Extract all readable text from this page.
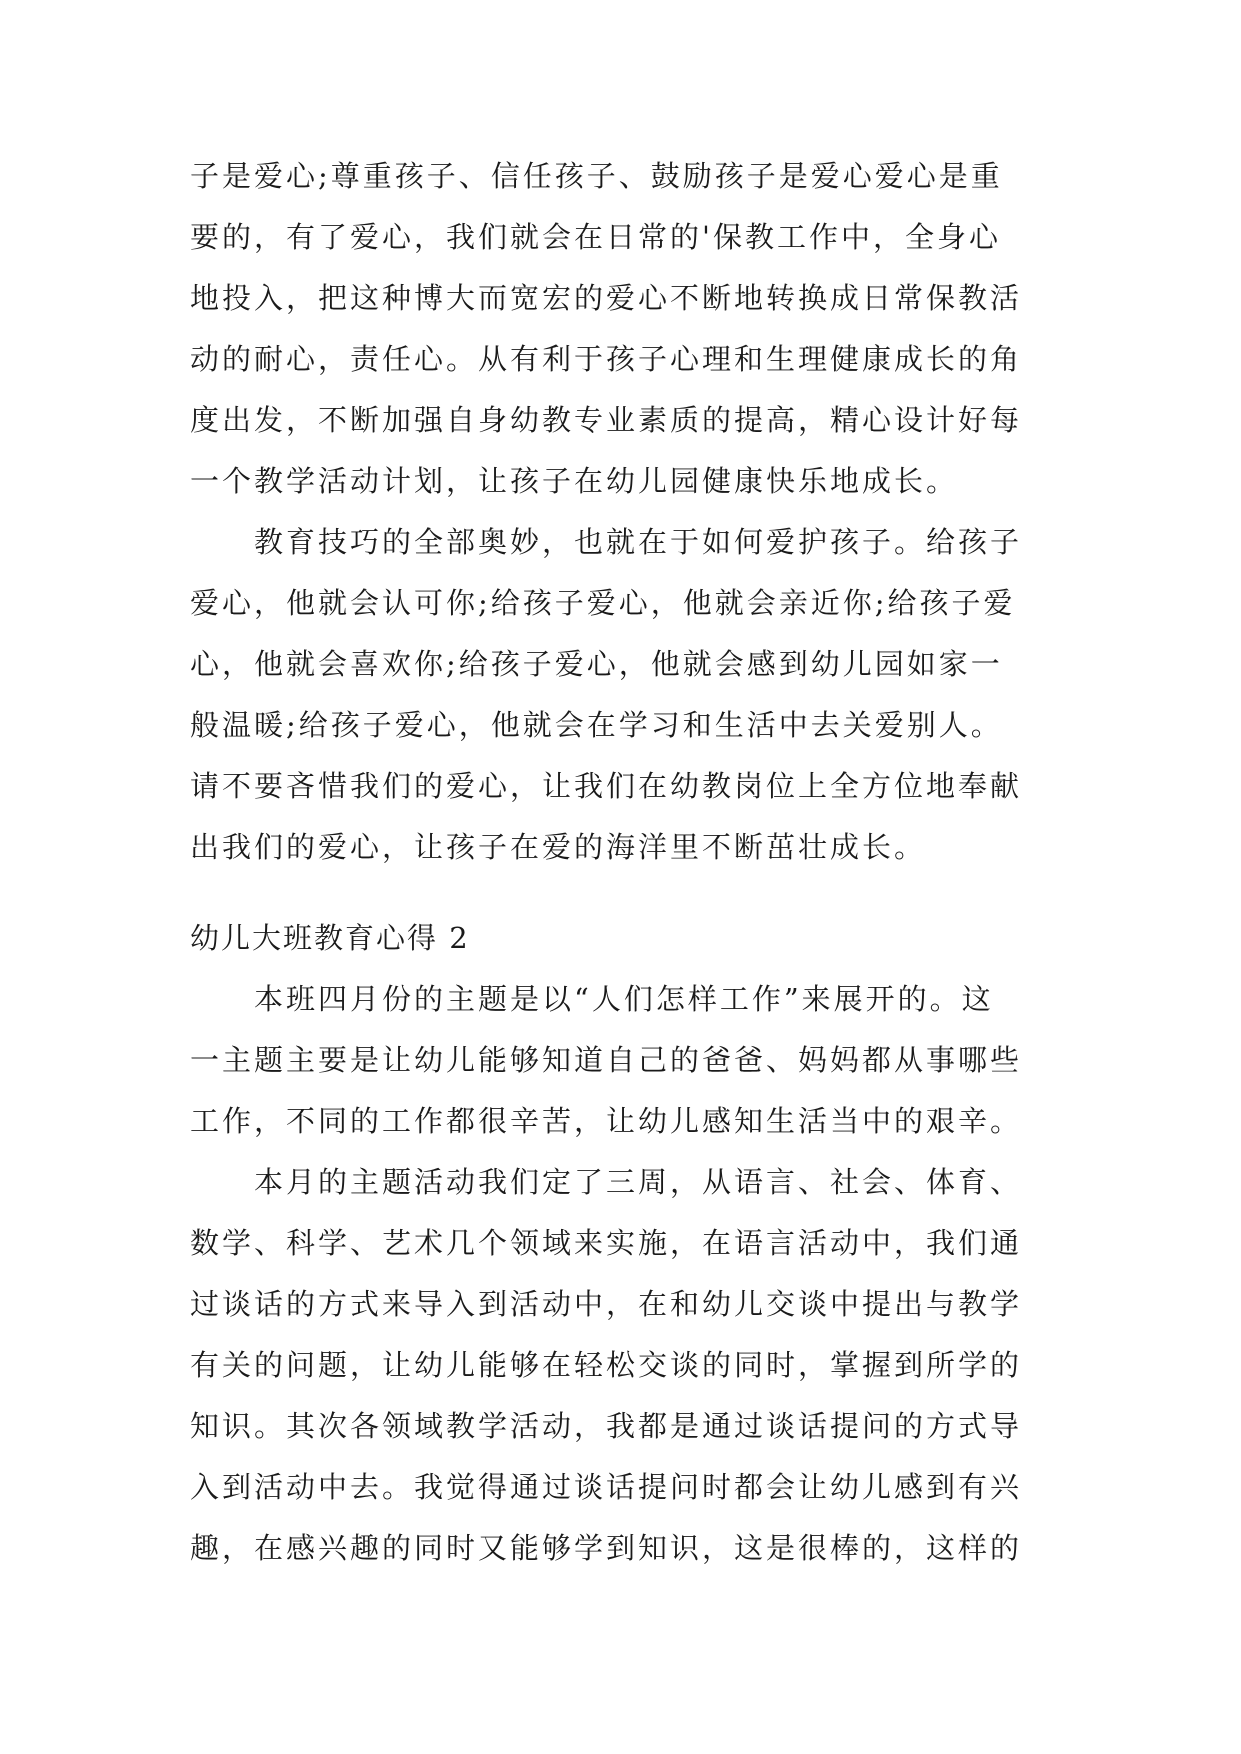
子是爱心;尊重孩子、信任孩子、鼓励孩子是爱心爱心是重
要的，有了爱心，我们就会在日常的'保教工作中，全身心
地投入，把这种博大而宽宏的爱心不断地转换成日常保教活
动的耐心，责任心。从有利于孩子心理和生理健康成长的角
度出发，不断加强自身幼教专业素质的提高，精心设计好每
一个教学活动计划，让孩子在幼儿园健康快乐地成长。
教育技巧的全部奥妙，也就在于如何爱护孩子。给孩子
爱心，他就会认可你;给孩子爱心，他就会亲近你;给孩子爱
心，他就会喜欢你;给孩子爱心，他就会感到幼儿园如家一
般温暖;给孩子爱心，他就会在学习和生活中去关爱别人。
请不要吝惜我们的爱心，让我们在幼教岗位上全方位地奉献
出我们的爱心，让孩子在爱的海洋里不断茁壮成长。
幼儿大班教育心得 2
本班四月份的主题是以“人们怎样工作”来展开的。这
一主题主要是让幼儿能够知道自己的爸爸、妈妈都从事哪些
工作，不同的工作都很辛苦，让幼儿感知生活当中的艰辛。
本月的主题活动我们定了三周，从语言、社会、体育、
数学、科学、艺术几个领域来实施，在语言活动中，我们通
过谈话的方式来导入到活动中，在和幼儿交谈中提出与教学
有关的问题，让幼儿能够在轻松交谈的同时，掌握到所学的
知识。其次各领域教学活动，我都是通过谈话提问的方式导
入到活动中去。我觉得通过谈话提问时都会让幼儿感到有兴
趣，在感兴趣的同时又能够学到知识，这是很棒的，这样的
